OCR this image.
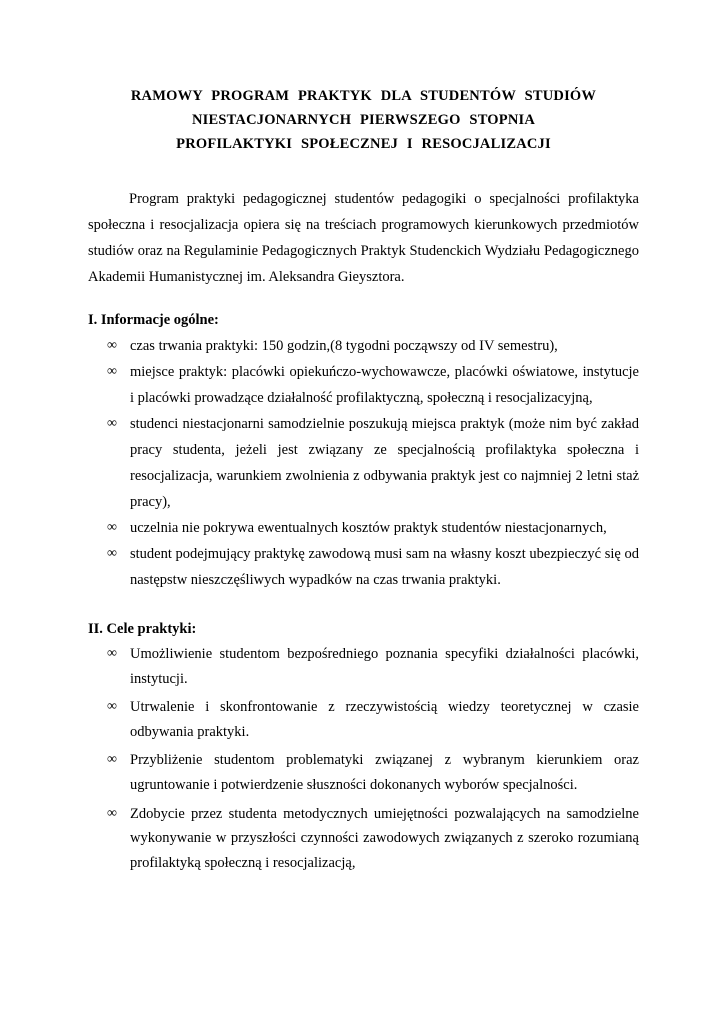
RAMOWY PROGRAM PRAKTYK DLA STUDENTÓW STUDIÓW

NIESTACJONARNYCH PIERWSZEGO STOPNIA

PROFILAKTYKI SPOŁECZNEJ I RESOCJALIZACJI

Program praktyki pedagogicznej studentów pedagogiki o specjalności profilaktyka społeczna i resocjalizacja opiera się na treściach programowych kierunkowych przedmiotów studiów oraz na Regulaminie Pedagogicznych Praktyk Studenckich Wydziału Pedagogicznego Akademii Humanistycznej im. Aleksandra Gieysztora.

I. Informacje ogólne:
∞ czas trwania praktyki: 150 godzin,(8 tygodni począwszy od IV semestru),
∞ miejsce praktyk: placówki opiekuńczo-wychowawcze, placówki oświatowe, instytucje i placówki prowadzące działalność profilaktyczną, społeczną i resocjalizacyjną,
∞ studenci niestacjonarni samodzielnie poszukują miejsca praktyk (może nim być zakład pracy studenta, jeżeli jest związany ze specjalnością profilaktyka społeczna i resocjalizacja, warunkiem zwolnienia z odbywania praktyk jest co najmniej 2 letni staż pracy),
∞ uczelnia nie pokrywa ewentualnych kosztów praktyk studentów niestacjonarnych,
∞ student podejmujący praktykę zawodową musi sam na własny koszt ubezpieczyć się od następstw nieszczęśliwych wypadków na czas trwania praktyki.
II. Cele praktyki:
∞ Umożliwienie studentom bezpośredniego poznania specyfiki działalności placówki, instytucji.
∞ Utrwalenie i skonfrontowanie z rzeczywistością wiedzy teoretycznej w czasie odbywania praktyki.
∞ Przybliżenie studentom problematyki związanej z wybranym kierunkiem oraz ugruntowanie i potwierdzenie słuszności dokonanych wyborów specjalności.
∞ Zdobycie przez studenta metodycznych umiejętności pozwalających na samodzielne wykonywanie w przyszłości czynności zawodowych związanych z szeroko rozumianą profilaktyką społeczną i resocjalizacją,
